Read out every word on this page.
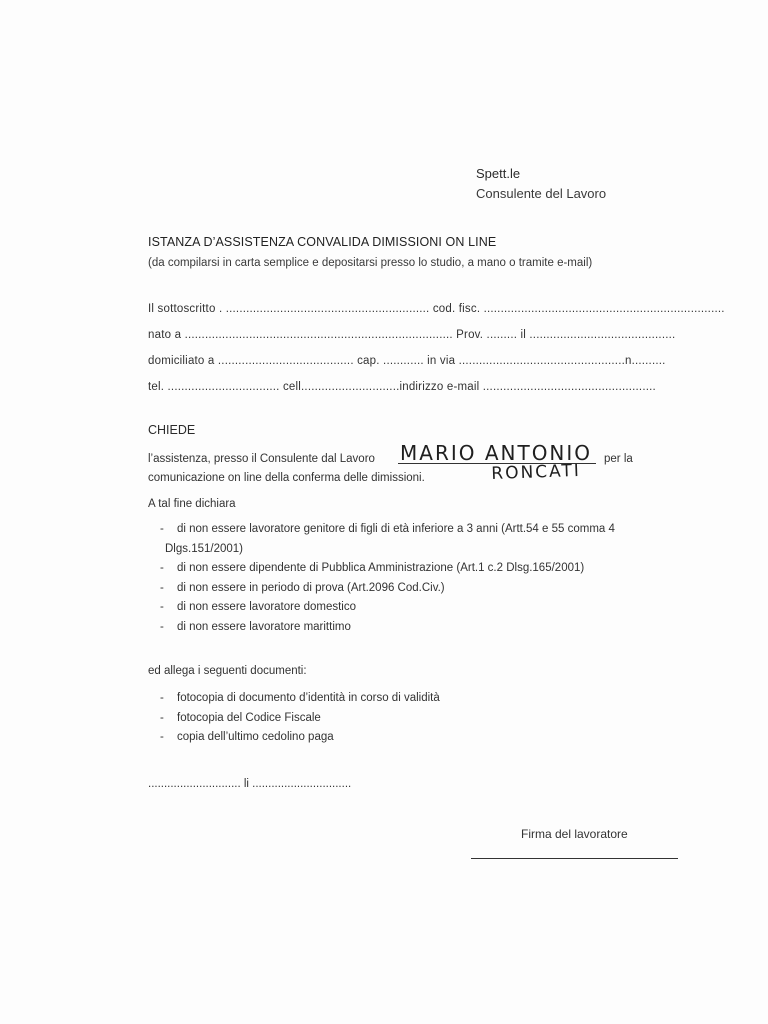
Spett.le
Consulente del Lavoro
ISTANZA D’ASSISTENZA CONVALIDA DIMISSIONI ON LINE
(da compilarsi in carta semplice e depositarsi presso lo studio, a mano o tramite e-mail)
Il sottoscritto . ............................................................ cod. fisc. .......................................................................
nato a ............................................................................... Prov. ......... il ...........................................
domiciliato a ........................................ cap. ............ in via .................................................n..........
tel. ................................. cell.............................indirizzo e-mail ...................................................
CHIEDE
l’assistenza, presso il Consulente dal Lavoro MARIO ANTONIO per la
comunicazione on line della conferma delle dimissioni.	RONCATI
A tal fine dichiara
- di non essere lavoratore genitore di figli di età inferiore a 3 anni (Artt.54 e 55 comma 4
Dlgs.151/2001)
- di non essere dipendente di Pubblica Amministrazione (Art.1 c.2 Dlsg.165/2001)
- di non essere in periodo di prova (Art.2096 Cod.Civ.)
- di non essere lavoratore domestico
- di non essere lavoratore marittimo
ed allega i seguenti documenti:
- fotocopia di documento d’identità in corso di validità
- fotocopia del Codice Fiscale
- copia dell’ultimo cedolino paga
............................. li ...............................
Firma del lavoratore
